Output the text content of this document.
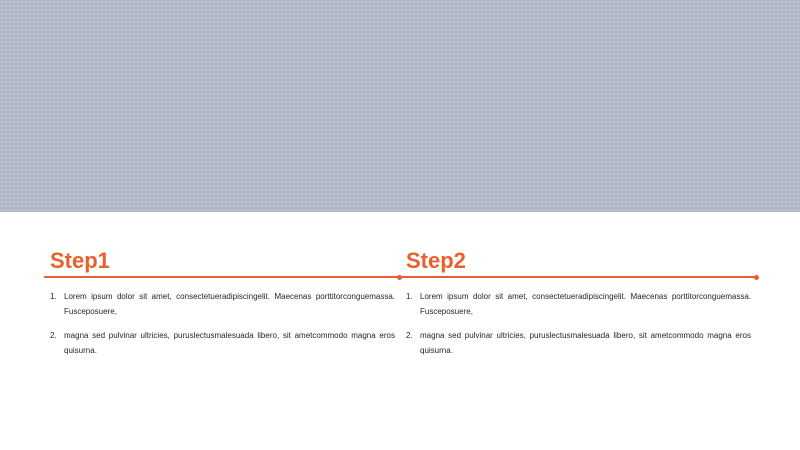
Step1
1. Lorem ipsum dolor sit amet, consectetueradipiscingelit. Maecenas porttitorconguemassa. Fusceposuere,
2. magna sed pulvinar ultricies, puruslectusmalesuada libero, sit ametcommodo magna eros quisurna.
Step2
1. Lorem ipsum dolor sit amet, consectetueradipiscingelit. Maecenas porttitorconguemassa. Fusceposuere,
2. magna sed pulvinar ultricies, puruslectusmalesuada libero, sit ametcommodo magna eros quisurna.
